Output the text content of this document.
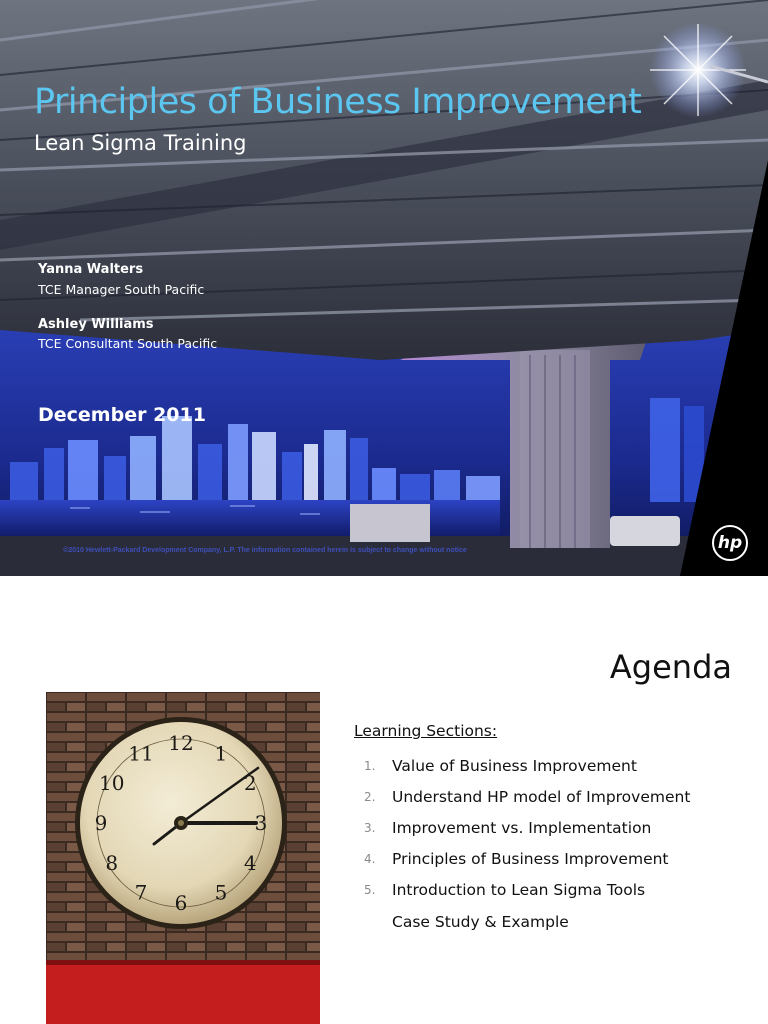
Principles of Business Improvement
Lean Sigma Training

Yanna Walters

TCE Manager South Pacific

Ashley Williams

TCE Consultant South Pacific

December 2011

©2010 Hewlett-Packard Development Company, L.P. The information contained herein is subject to change without notice	hp
Agenda
12 1
2
3
4
5
6
7
8
9
10
11

Learning Sections:

1.	Value of Business Improvement
2.	Understand HP model of Improvement
3.	Improvement vs. Implementation
4.	Principles of Business Improvement
5.	Introduction to Lean Sigma Tools
Case Study & Example
